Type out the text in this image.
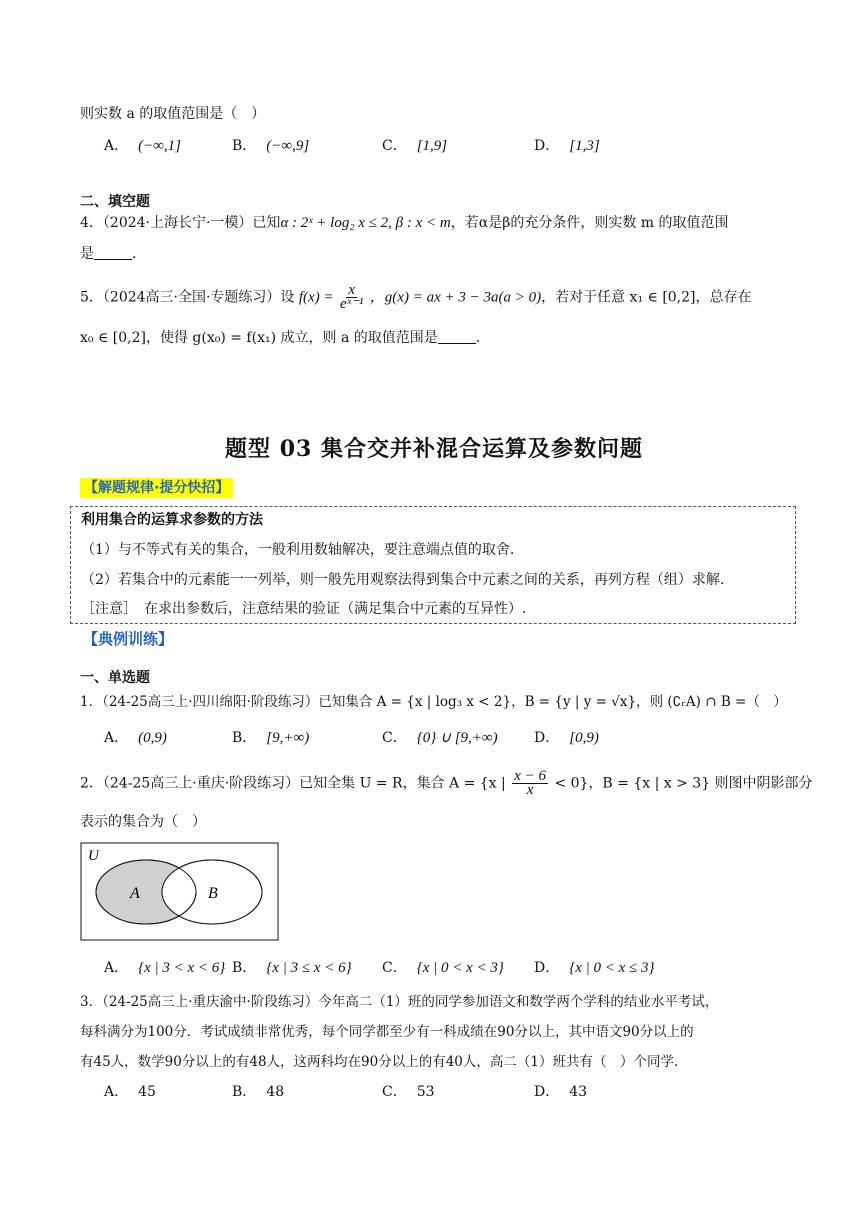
则实数 a 的取值范围是（　）
A． (−∞,1]	B． (−∞,9]	C． [1,9]	D． [1,3]
二、填空题
4．（2024·上海长宁·一模）已知α : 2ˣ + log₂ x ≤ 2, β : x < m，若α是β的充分条件，则实数 m 的取值范围
是	.
5．（2024高三·全国·专题练习）设 $f(x) = \frac{x}{\text{eˣ⁻¹}}$ ，g(x) = ax + 3 − 3a(a > 0)，若对于任意 x₁ ∈ [0,2]，总存在
x₀ ∈ [0,2]，使得 g(x₀) = f(x₁) 成立，则 a 的取值范围是	.
题型 03 集合交并补混合运算及参数问题
【解题规律·提分快招】
利用集合的运算求参数的方法
（1）与不等式有关的集合，一般利用数轴解决，要注意端点值的取舍.
（2）若集合中的元素能一一列举，则一般先用观察法得到集合中元素之间的关系，再列方程（组）求解.
［注意］　在求出参数后，注意结果的验证（满足集合中元素的互异性）.
【典例训练】
一、单选题
1．（24-25高三上·四川绵阳·阶段练习）已知集合 A = {x | log₃ x < 2}，B = {y | y = √x}，则 (∁ᵣA) ∩ B =（　）
A． (0,9)	B． [9,+∞)	C． {0} ∪ [9,+∞)	D． [0,9)
2．（24-25高三上·重庆·阶段练习）已知全集 U = R，集合 A = {x | $\frac{x - 6}{x} < 0$}，B = {x | x > 3} 则图中阴影部分
表示的集合为（　）
U
A	B
A． {x | 3 < x < 6} B． {x | 3 ≤ x < 6} C． {x | 0 < x < 3} D． {x | 0 < x ≤ 3}
3．（24-25高三上·重庆渝中·阶段练习）今年高二（1）班的同学参加语文和数学两个学科的结业水平考试，
每科满分为100分．考试成绩非常优秀，每个同学都至少有一科成绩在90分以上，其中语文90分以上的
有45人，数学90分以上的有48人，这两科均在90分以上的有40人，高二（1）班共有（　）个同学.
A． 45	B． 48	C． 53	D． 43
